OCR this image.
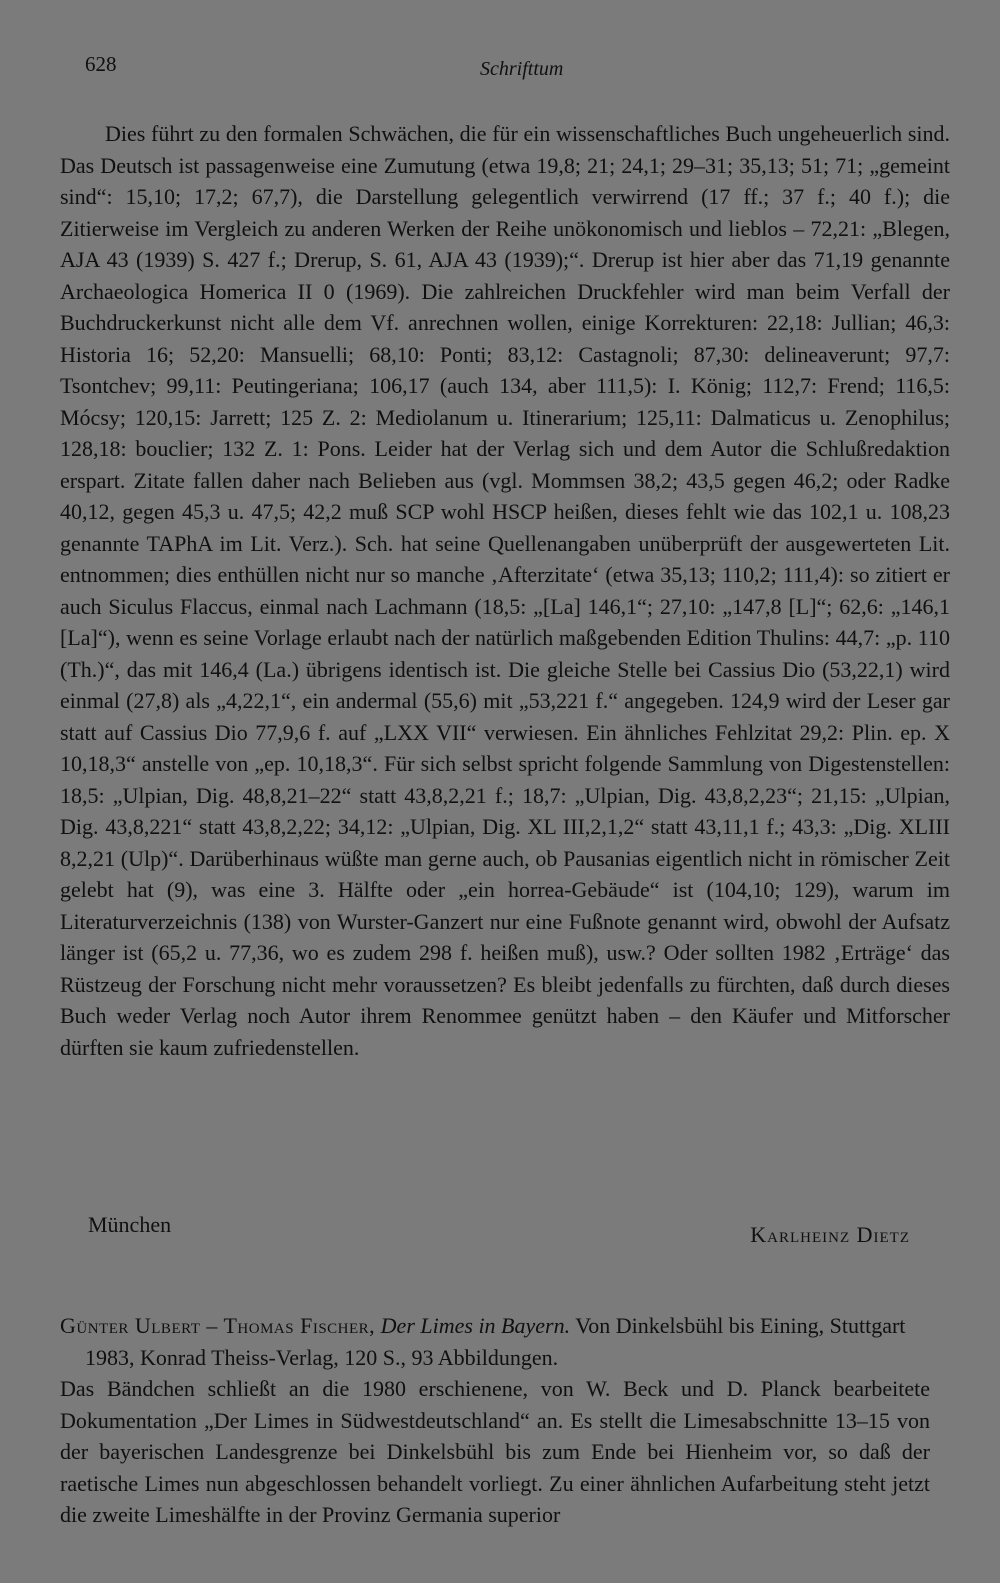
628	Schrifttum

Dies führt zu den formalen Schwächen, die für ein wissenschaftliches Buch ungeheuerlich sind. Das Deutsch ist passagenweise eine Zumutung (etwa 19,8; 21; 24,1; 29–31; 35,13; 51; 71; „gemeint sind“: 15,10; 17,2; 67,7), die Darstellung gelegentlich verwirrend (17 ff.; 37 f.; 40 f.); die Zitierweise im Vergleich zu anderen Werken der Reihe unökonomisch und lieblos – 72,21: „Blegen, AJA 43 (1939) S. 427 f.; Drerup, S. 61, AJA 43 (1939);“. Drerup ist hier aber das 71,19 genannte Archaeologica Homerica II 0 (1969). Die zahlreichen Druckfehler wird man beim Verfall der Buchdruckerkunst nicht alle dem Vf. anrechnen wollen, einige Korrekturen: 22,18: Jullian; 46,3: Historia 16; 52,20: Mansuelli; 68,10: Ponti; 83,12: Castagnoli; 87,30: delineaverunt; 97,7: Tsontchev; 99,11: Peutingeriana; 106,17 (auch 134, aber 111,5): I. König; 112,7: Frend; 116,5: Mócsy; 120,15: Jarrett; 125 Z. 2: Mediolanum u. Itinerarium; 125,11: Dalmaticus u. Zenophilus; 128,18: bouclier; 132 Z. 1: Pons. Leider hat der Verlag sich und dem Autor die Schlußredaktion erspart. Zitate fallen daher nach Belieben aus (vgl. Mommsen 38,2; 43,5 gegen 46,2; oder Radke 40,12, gegen 45,3 u. 47,5; 42,2 muß SCP wohl HSCP heißen, dieses fehlt wie das 102,1 u. 108,23 genannte TAPhA im Lit. Verz.). Sch. hat seine Quellenangaben unüberprüft der ausgewerteten Lit. entnommen; dies enthüllen nicht nur so manche ‚Afterzitate‘ (etwa 35,13; 110,2; 111,4): so zitiert er auch Siculus Flaccus, einmal nach Lachmann (18,5: „[La] 146,1“; 27,10: „147,8 [L]“; 62,6: „146,1 [La]“), wenn es seine Vorlage erlaubt nach der natürlich maßgebenden Edition Thulins: 44,7: „p. 110 (Th.)“, das mit 146,4 (La.) übrigens identisch ist. Die gleiche Stelle bei Cassius Dio (53,22,1) wird einmal (27,8) als „4,22,1“, ein andermal (55,6) mit „53,221 f.“ angegeben. 124,9 wird der Leser gar statt auf Cassius Dio 77,9,6 f. auf „LXX VII“ verwiesen. Ein ähnliches Fehlzitat 29,2: Plin. ep. X 10,18,3“ anstelle von „ep. 10,18,3“. Für sich selbst spricht folgende Sammlung von Digestenstellen: 18,5: „Ulpian, Dig. 48,8,21–22“ statt 43,8,2,21 f.; 18,7: „Ulpian, Dig. 43,8,2,23“; 21,15: „Ulpian, Dig. 43,8,221“ statt 43,8,2,22; 34,12: „Ulpian, Dig. XL III,2,1,2“ statt 43,11,1 f.; 43,3: „Dig. XLIII 8,2,21 (Ulp)“. Darüberhinaus wüßte man gerne auch, ob Pausanias eigentlich nicht in römischer Zeit gelebt hat (9), was eine 3. Hälfte oder „ein horrea-Gebäude“ ist (104,10; 129), warum im Literaturverzeichnis (138) von Wurster-Ganzert nur eine Fußnote genannt wird, obwohl der Aufsatz länger ist (65,2 u. 77,36, wo es zudem 298 f. heißen muß), usw.? Oder sollten 1982 ‚Erträge‘ das Rüstzeug der Forschung nicht mehr voraussetzen? Es bleibt jedenfalls zu fürchten, daß durch dieses Buch weder Verlag noch Autor ihrem Renommee genützt haben – den Käufer und Mitforscher dürften sie kaum zufriedenstellen.

München	Karlheinz Dietz

Günter Ulbert – Thomas Fischer, Der Limes in Bayern. Von Dinkelsbühl bis Eining, Stuttgart 1983, Konrad Theiss-Verlag, 120 S., 93 Abbildungen.

Das Bändchen schließt an die 1980 erschienene, von W. Beck und D. Planck bearbeitete Dokumentation „Der Limes in Südwestdeutschland“ an. Es stellt die Limesabschnitte 13–15 von der bayerischen Landesgrenze bei Dinkelsbühl bis zum Ende bei Hienheim vor, so daß der raetische Limes nun abgeschlossen behandelt vorliegt. Zu einer ähnlichen Aufarbeitung steht jetzt die zweite Limeshälfte in der Provinz Germania superior
